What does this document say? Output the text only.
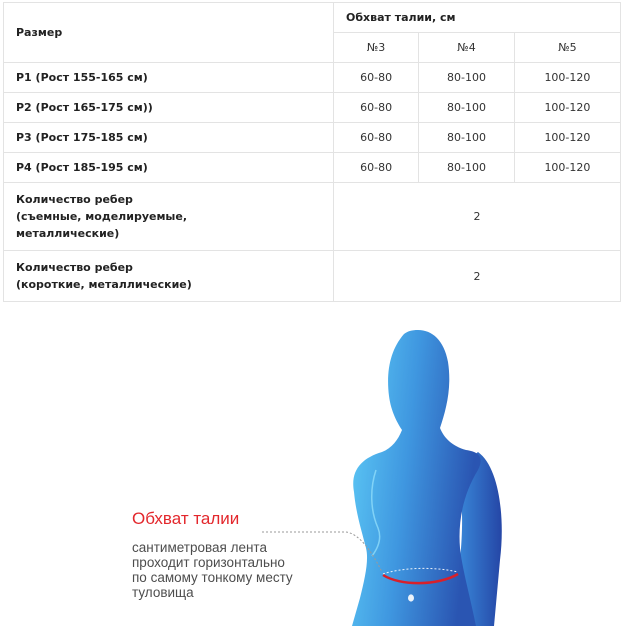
Размер	Обхват талии, см		
	№3	№4	№5
P1 (Рост 155-165 см)	60-80	80-100	100-120
P2 (Рост 165-175 см))	60-80	80-100	100-120
P3 (Рост 175-185 см)	60-80	80-100	100-120
P4 (Рост 185-195 см)	60-80	80-100	100-120
Количество ребер
(съемные, моделируемые,
металлические)	2		
Количество ребер
(короткие, металлические)	2		
Обхват талии
сантиметровая лента
проходит горизонтально
по самому тонкому месту
туловища
